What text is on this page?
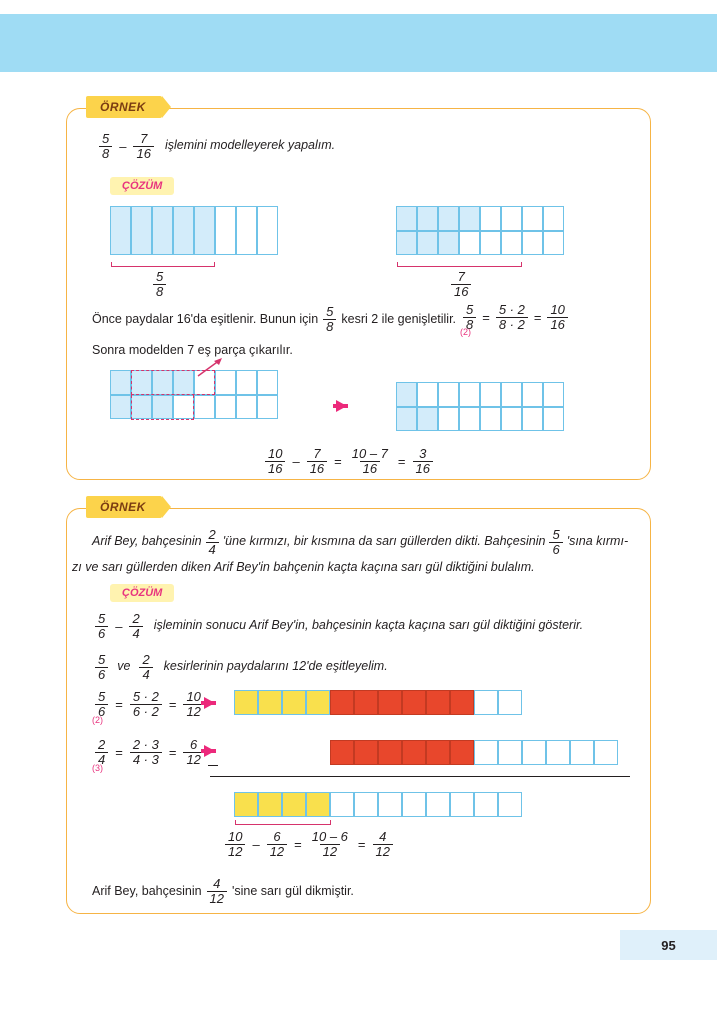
ÖRNEK
$\frac{5}{8} - \frac{7}{16}$ işlemini modelleyerek yapalım.
ÇÖZÜM
$\frac{5}{8}$	$\frac{7}{16}$
Önce paydalar 16'da eşitlenir. Bunun için $\frac{5}{8}$ kesri 2 ile genişletilir. $\frac{5}{8} = \frac{5 \cdot 2}{8 \cdot 2} = \frac{10}{16}$
(2)
Sonra modelden 7 eş parça çıkarılır.
$\frac{10}{16} - \frac{7}{16} = \frac{10 - 7}{16} = \frac{3}{16}$
ÖRNEK
Arif Bey, bahçesinin $\frac{2}{4}$ 'üne kırmızı, bir kısmına da sarı güllerden dikti. Bahçesinin $\frac{5}{6}$ 'sına kırmı-
zı ve sarı güllerden diken Arif Bey'in bahçenin kaçta kaçına sarı gül diktiğini bulalım.
ÇÖZÜM
$\frac{5}{6} - \frac{2}{4}$ işleminin sonucu Arif Bey'in, bahçesinin kaçta kaçına sarı gül diktiğini gösterir.
$\frac{5}{6}$ ve $\frac{2}{4}$ kesirlerinin paydalarını 12'de eşitleyelim.
$\frac{5}{6} = \frac{5 \cdot 2}{6 \cdot 2} = \frac{10}{12}$
(2)
$\frac{2}{4} = \frac{2 \cdot 3}{4 \cdot 3} = \frac{6}{12}$
(3)
$\frac{10}{12} - \frac{6}{12} = \frac{10 - 6}{12} = \frac{4}{12}$
Arif Bey, bahçesinin $\frac{4}{12}$ 'sine sarı gül dikmiştir.
95
